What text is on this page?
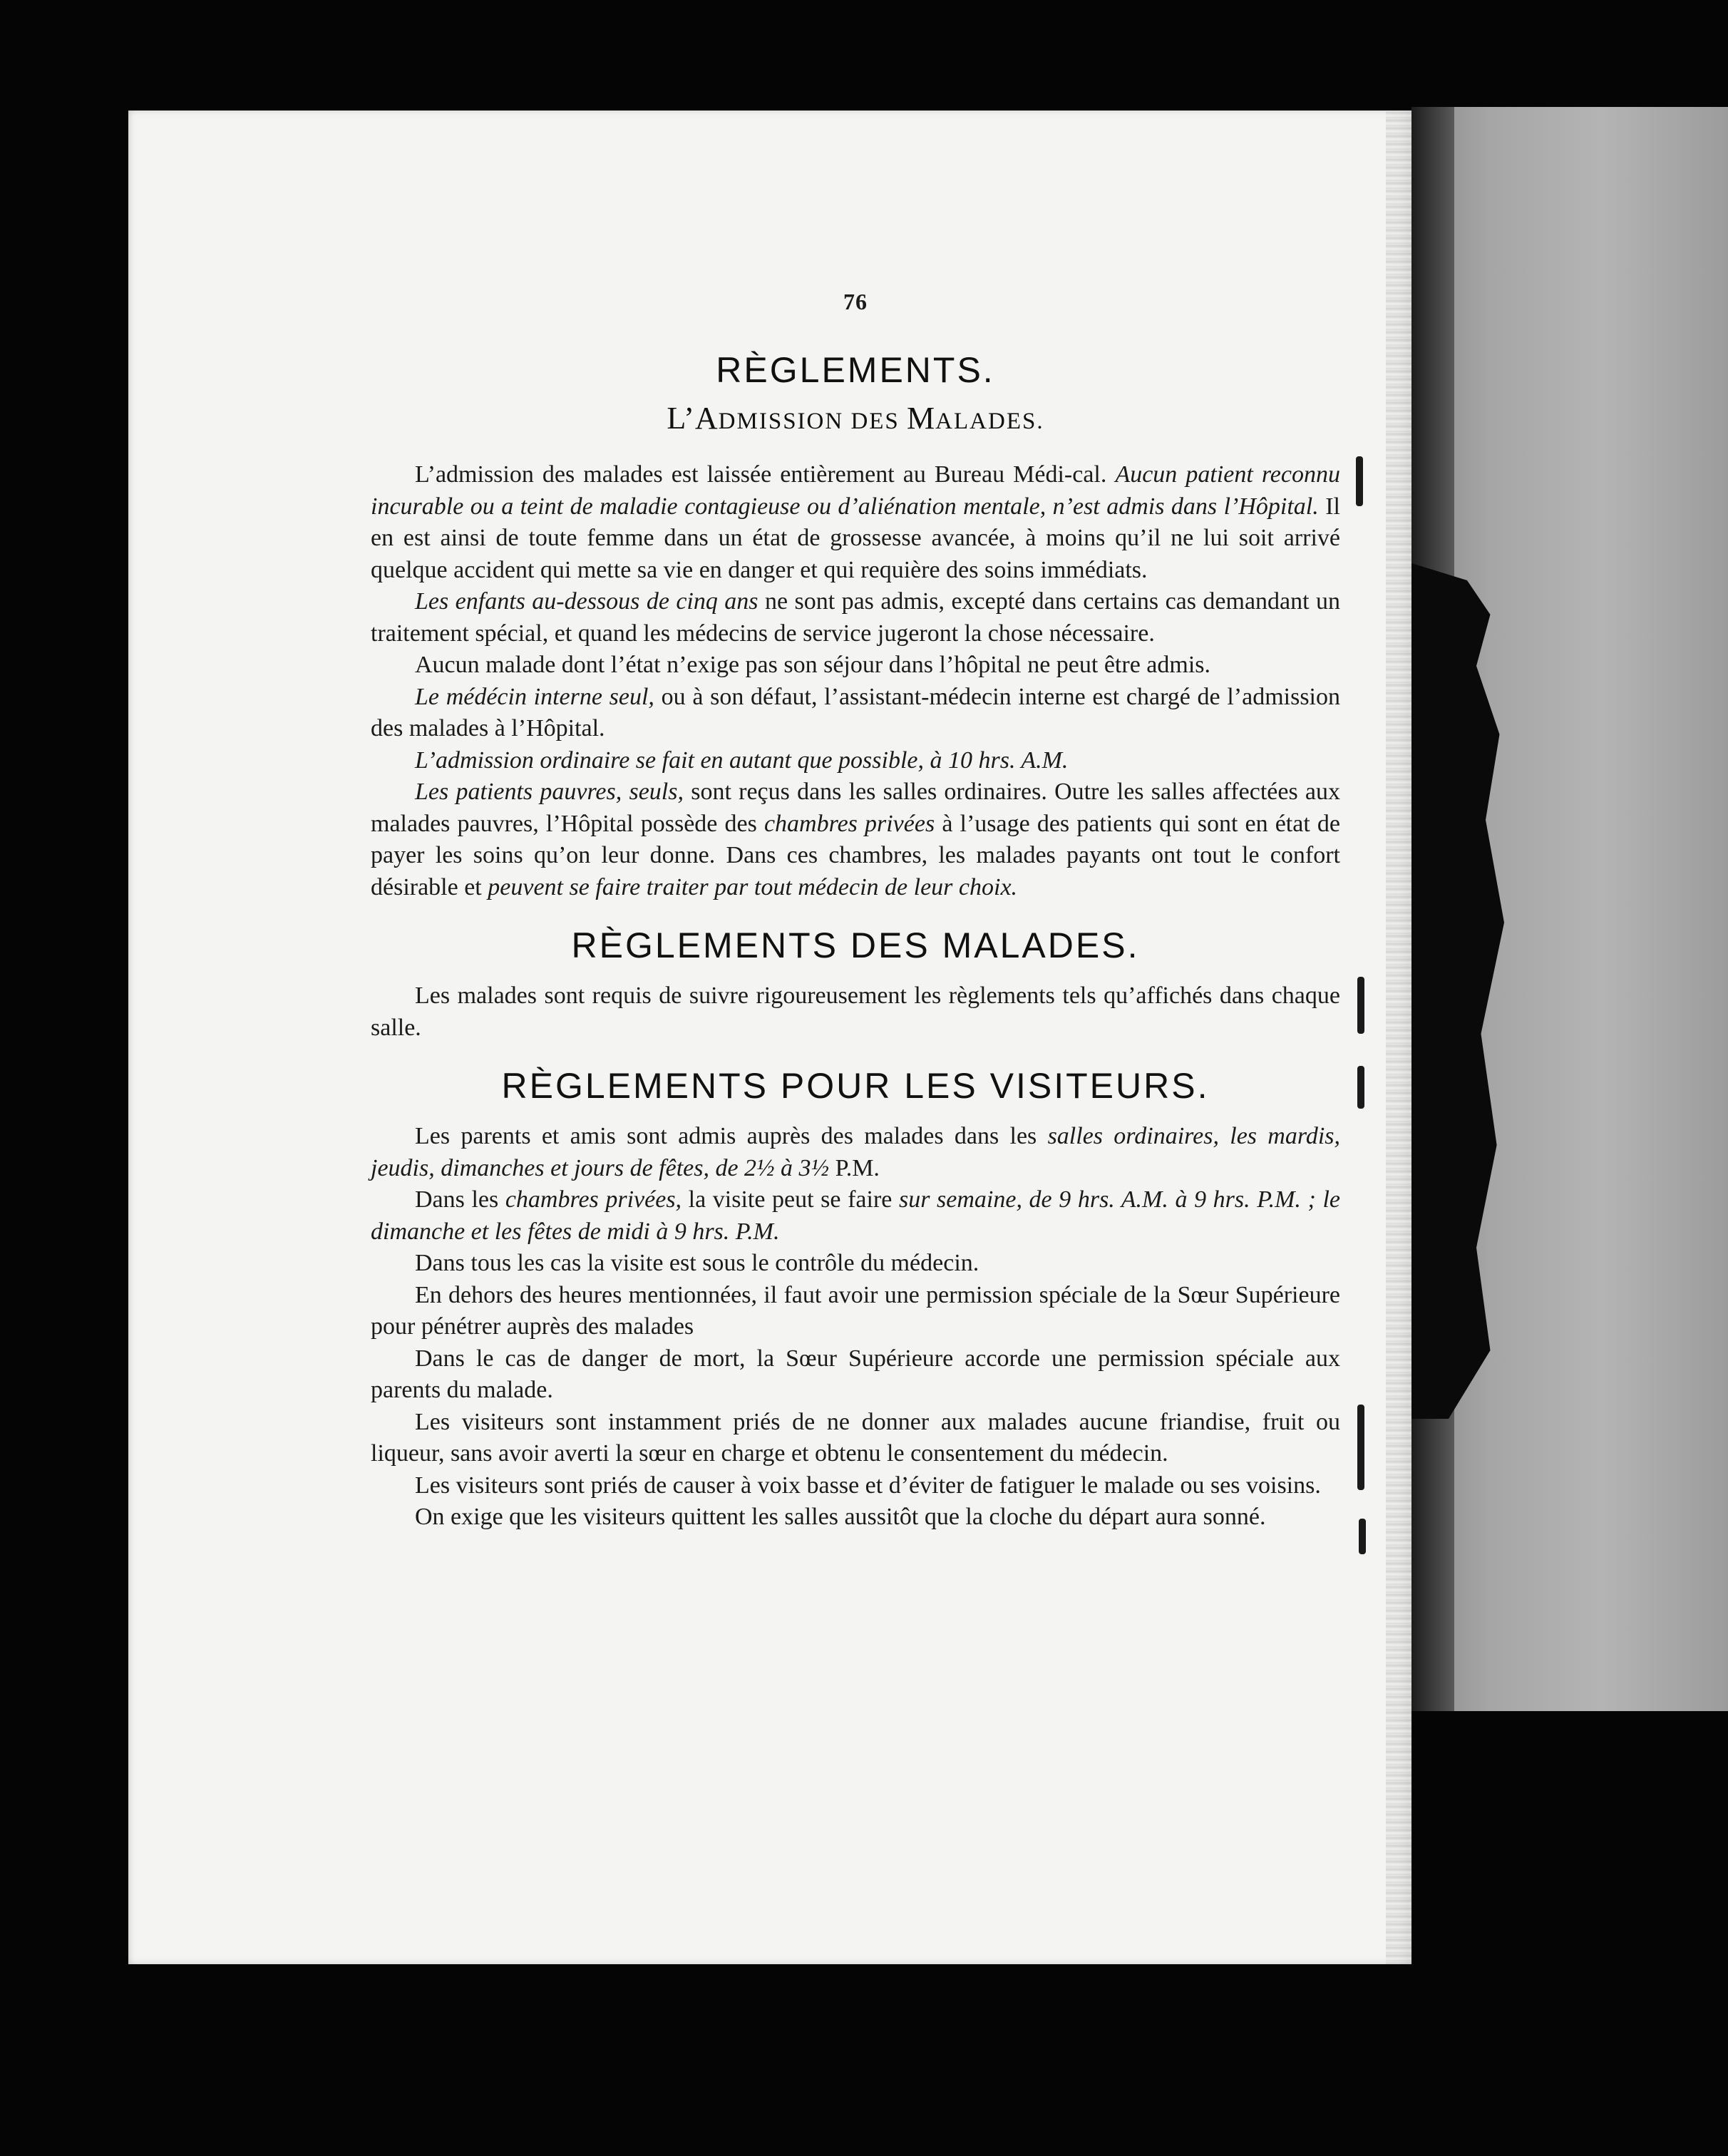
76
RÈGLEMENTS.
L’ADMISSION DES MALADES.

L’admission des malades est laissée entièrement au Bureau Médi-cal. Aucun patient reconnu incurable ou a teint de maladie contagieuse ou d’aliénation mentale, n’est admis dans l’Hôpital. Il en est ainsi de toute femme dans un état de grossesse avancée, à moins qu’il ne lui soit arrivé quelque accident qui mette sa vie en danger et qui requière des soins immédiats.

Les enfants au-dessous de cinq ans ne sont pas admis, excepté dans certains cas demandant un traitement spécial, et quand les médecins de service jugeront la chose nécessaire.

Aucun malade dont l’état n’exige pas son séjour dans l’hôpital ne peut être admis.

Le médécin interne seul, ou à son défaut, l’assistant-médecin interne est chargé de l’admission des malades à l’Hôpital.

L’admission ordinaire se fait en autant que possible, à 10 hrs. A.M.

Les patients pauvres, seuls, sont reçus dans les salles ordinaires. Outre les salles affectées aux malades pauvres, l’Hôpital possède des chambres privées à l’usage des patients qui sont en état de payer les soins qu’on leur donne. Dans ces chambres, les malades payants ont tout le confort désirable et peuvent se faire traiter par tout médecin de leur choix.

RÈGLEMENTS DES MALADES.

Les malades sont requis de suivre rigoureusement les règlements tels qu’affichés dans chaque salle.

RÈGLEMENTS POUR LES VISITEURS.

Les parents et amis sont admis auprès des malades dans les salles ordinaires, les mardis, jeudis, dimanches et jours de fêtes, de 2½ à 3½ P.M.

Dans les chambres privées, la visite peut se faire sur semaine, de 9 hrs. A.M. à 9 hrs. P.M. ; le dimanche et les fêtes de midi à 9 hrs. P.M.

Dans tous les cas la visite est sous le contrôle du médecin.

En dehors des heures mentionnées, il faut avoir une permission spéciale de la Sœur Supérieure pour pénétrer auprès des malades

Dans le cas de danger de mort, la Sœur Supérieure accorde une permission spéciale aux parents du malade.

Les visiteurs sont instamment priés de ne donner aux malades aucune friandise, fruit ou liqueur, sans avoir averti la sœur en charge et obtenu le consentement du médecin.

Les visiteurs sont priés de causer à voix basse et d’éviter de fatiguer le malade ou ses voisins.

On exige que les visiteurs quittent les salles aussitôt que la cloche du départ aura sonné.
